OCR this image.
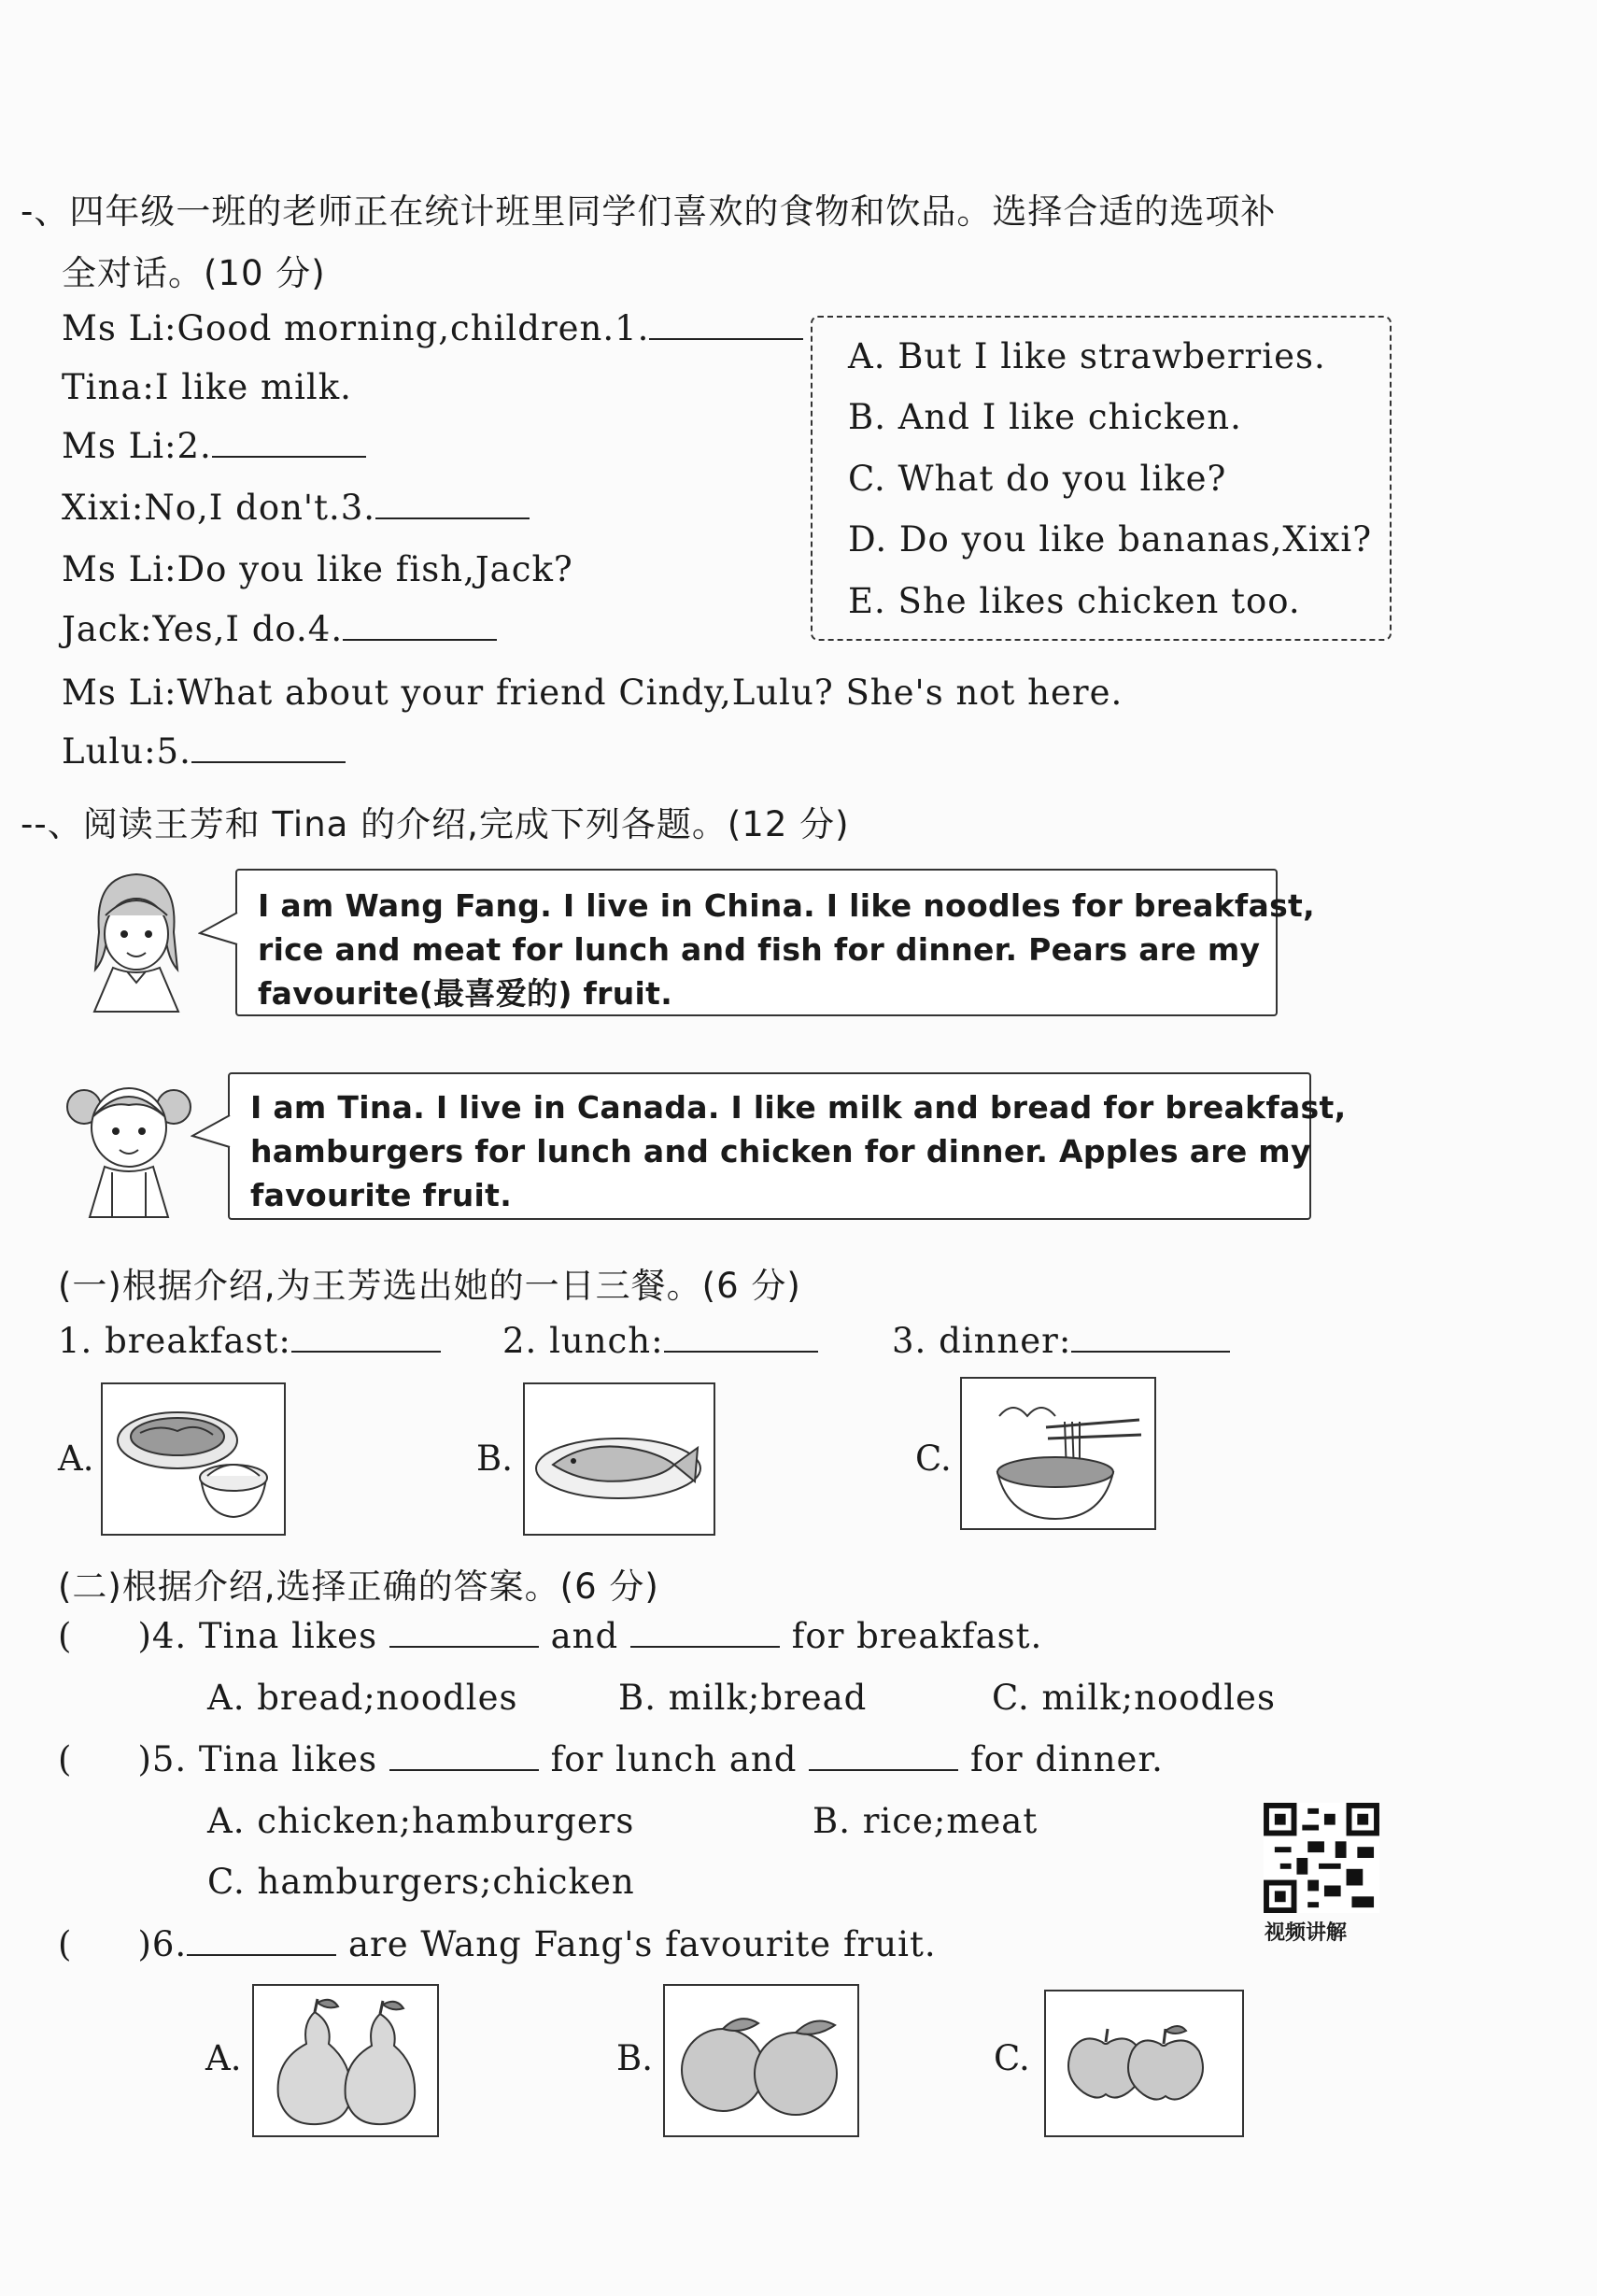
-、四年级一班的老师正在统计班里同学们喜欢的食物和饮品。选择合适的选项补
全对话。(10 分)
Ms Li:Good morning,children.1.
Tina:I like milk.
Ms Li:2.
Xixi:No,I don't.3.
Ms Li:Do you like fish,Jack?
Jack:Yes,I do.4.
Ms Li:What about your friend Cindy,Lulu? She's not here.
Lulu:5.
A. But I like strawberries.
B. And I like chicken.
C. What do you like?
D. Do you like bananas,Xixi?
E. She likes chicken too.
--、阅读王芳和 Tina 的介绍,完成下列各题。(12 分)
I am Wang Fang. I live in China. I like noodles for breakfast,
rice and meat for lunch and fish for dinner. Pears are my
favourite(最喜爱的) fruit.
I am Tina. I live in Canada. I like milk and bread for breakfast,
hamburgers for lunch and chicken for dinner. Apples are my
favourite fruit.
(一)根据介绍,为王芳选出她的一日三餐。(6 分)
1. breakfast:	2. lunch:	3. dinner:
A.	B.	C.
(二)根据介绍,选择正确的答案。(6 分)
( )4. Tina likes	and	for breakfast.
A. bread;noodles	B. milk;bread	C. milk;noodles
( )5. Tina likes	for lunch and	for dinner.
A. chicken;hamburgers	B. rice;meat
C. hamburgers;chicken
( )6.	are Wang Fang's favourite fruit.	视频讲解
A.	B.	C.
